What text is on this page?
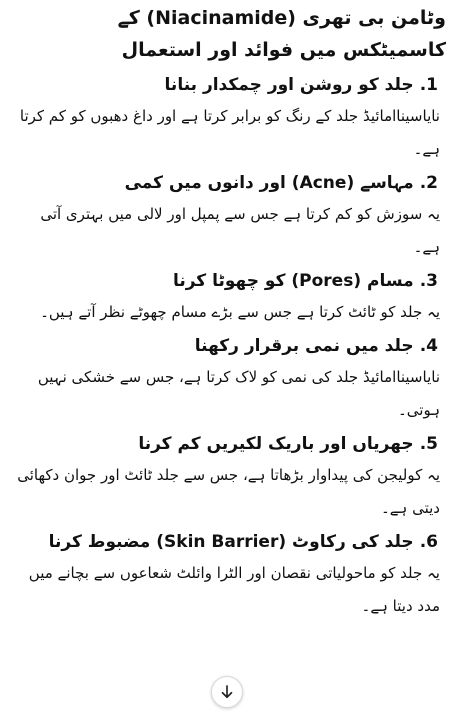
وٹامن بی تھری (Niacinamide) کے کاسمیٹکس میں فوائد اور استعمال
1.جلد کو روشن اور چمکدار بنانا
نایاسیناامائیڈ جلد کے رنگ کو برابر کرتا ہے اور داغ دھبوں کو کم کرتا ہے۔
2.مہاسے (Acne) اور دانوں میں کمی
یہ سوزش کو کم کرتا ہے جس سے پمپل اور لالی میں بہتری آتی ہے۔
3.مسام (Pores) کو چھوٹا کرنا
یہ جلد کو ٹائٹ کرتا ہے جس سے بڑے مسام چھوٹے نظر آتے ہیں۔
4.جلد میں نمی برقرار رکھنا
نایاسیناامائیڈ جلد کی نمی کو لاک کرتا ہے، جس سے خشکی نہیں ہوتی۔
5.جھریاں اور باریک لکیریں کم کرنا
یہ کولیجن کی پیداوار بڑھاتا ہے، جس سے جلد ٹائٹ اور جوان دکھائی دیتی ہے۔
6.جلد کی رکاوٹ (Skin Barrier) مضبوط کرنا
یہ جلد کو ماحولیاتی نقصان اور الٹرا وائلٹ شعاعوں سے بچانے میں مدد دیتا ہے۔
